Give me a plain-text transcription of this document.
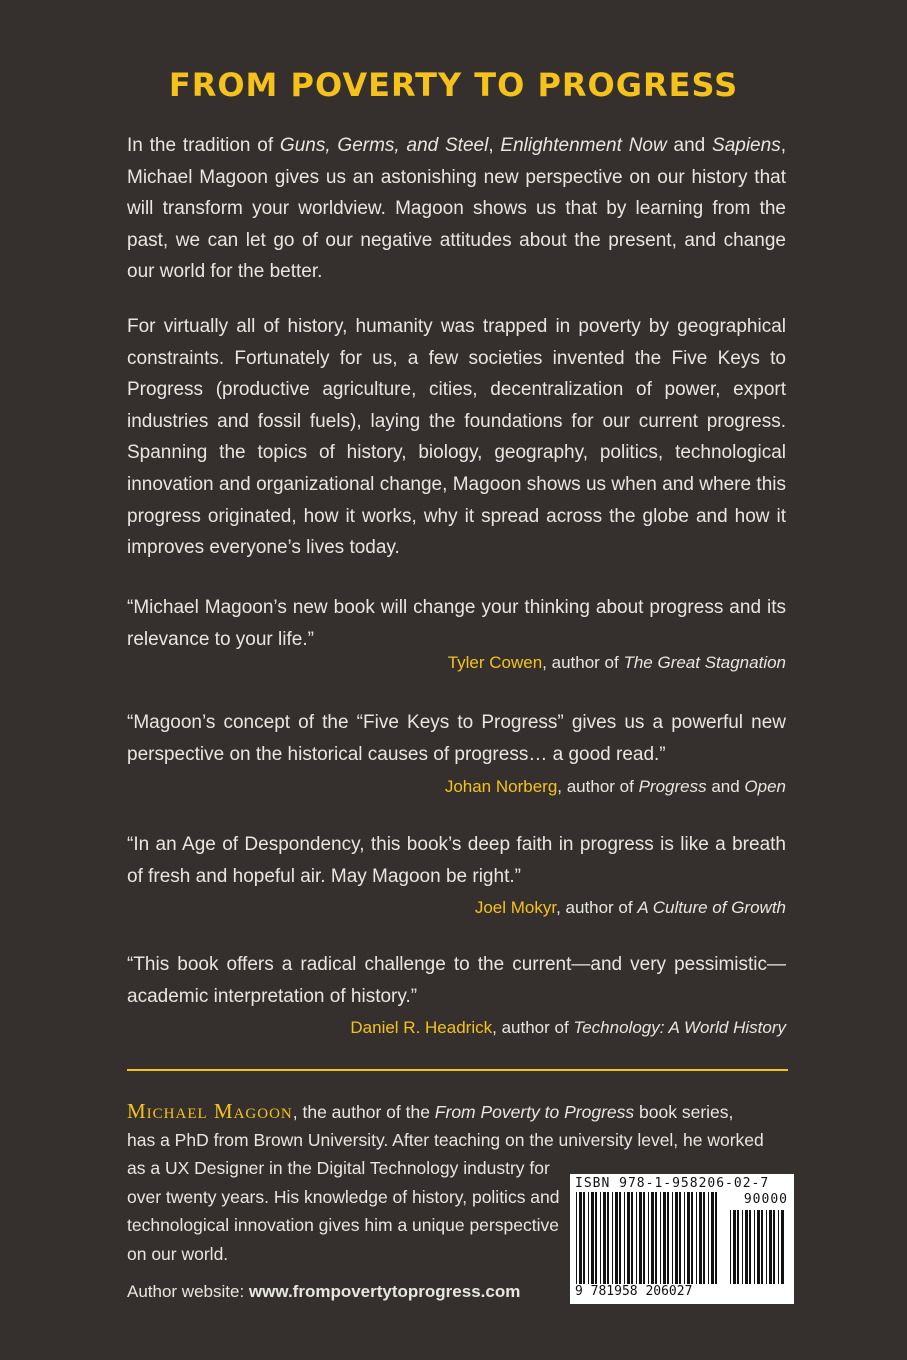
FROM POVERTY TO PROGRESS

In the tradition of Guns, Germs, and Steel, Enlightenment Now and Sapiens, Michael Magoon gives us an astonishing new perspective on our history that will transform your worldview. Magoon shows us that by learning from the past, we can let go of our negative attitudes about the present, and change our world for the better.

For virtually all of history, humanity was trapped in poverty by geographical constraints. Fortunately for us, a few societies invented the Five Keys to Progress (productive agriculture, cities, decentralization of power, export industries and fossil fuels), laying the foundations for our current progress. Spanning the topics of history, biology, geography, politics, technological innovation and organizational change, Magoon shows us when and where this progress originated, how it works, why it spread across the globe and how it improves everyone’s lives today.

“Michael Magoon’s new book will change your thinking about progress and its relevance to your life.”

Tyler Cowen, author of The Great Stagnation

“Magoon’s concept of the “Five Keys to Progress” gives us a powerful new perspective on the historical causes of progress… a good read.”

Johan Norberg, author of Progress and Open

“In an Age of Despondency, this book’s deep faith in progress is like a breath of fresh and hopeful air. May Magoon be right.”

Joel Mokyr, author of A Culture of Growth

“This book offers a radical challenge to the current—and very pessimistic—academic interpretation of history.”

Daniel R. Headrick, author of Technology: A World History
Michael Magoon, the author of the From Poverty to Progress book series,
has a PhD from Brown University. After teaching on the university level, he worked
as a UX Designer in the Digital Technology industry for
over twenty years. His knowledge of history, politics and
technological innovation gives him a unique perspective
on our world.
Author website: www.frompovertytoprogress.com
ISBN 978-1-958206-02-7
90000
9 781958 206027
